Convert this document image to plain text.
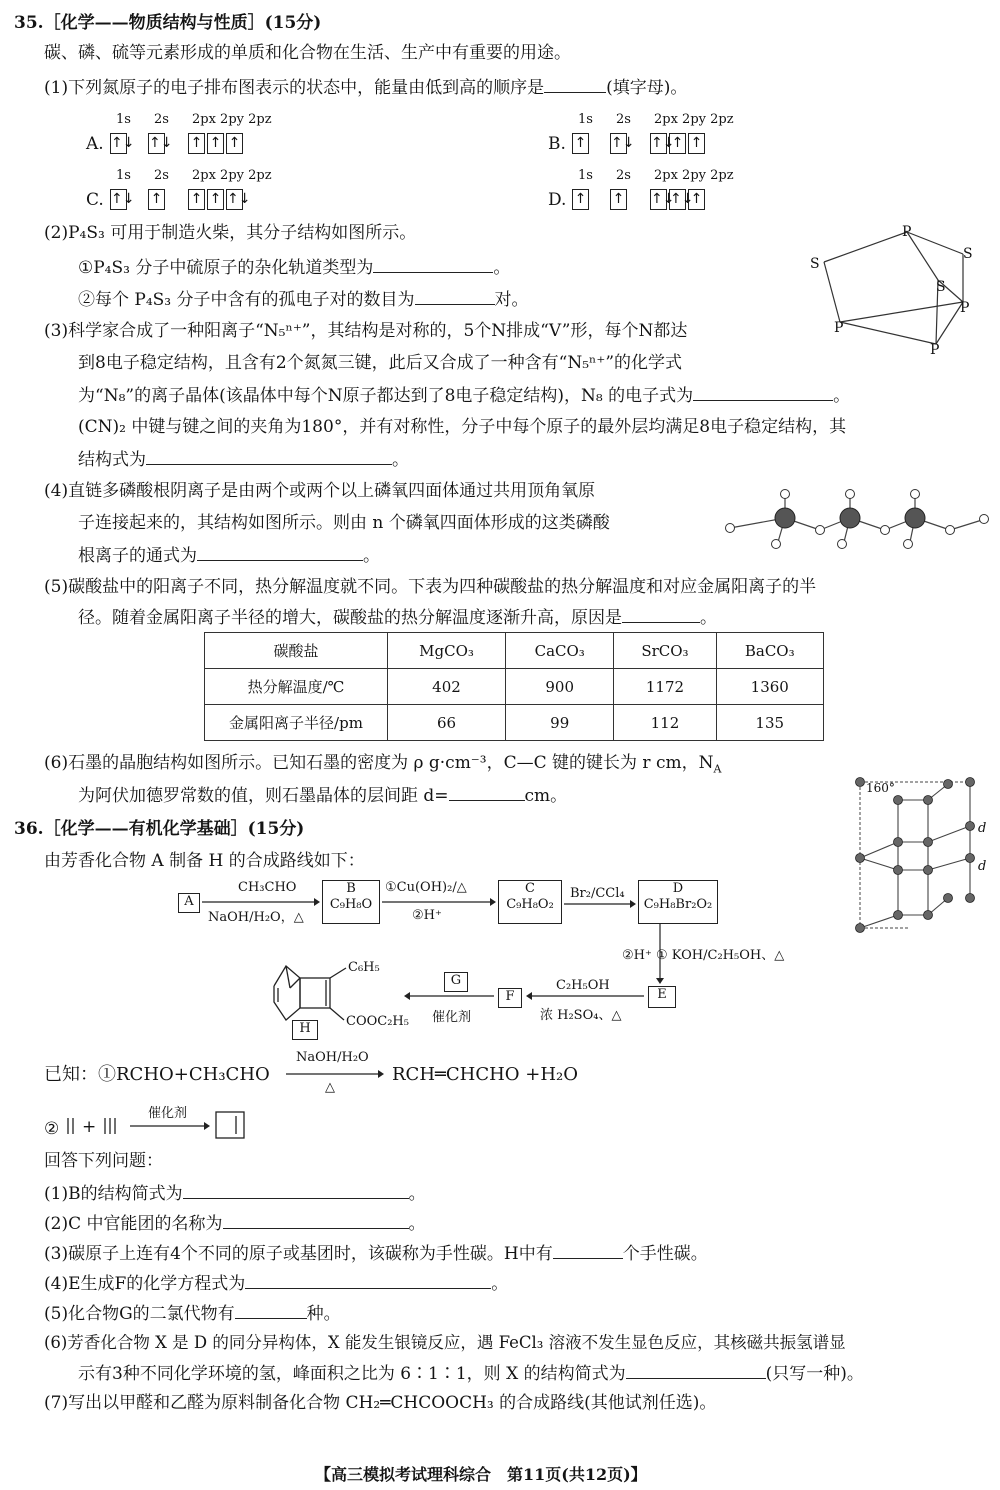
35.［化学——物质结构与性质］(15分)
碳、磷、硫等元素形成的单质和化合物在生活、生产中有重要的用途。
(1)下列氮原子的电子排布图表示的状态中，能量由低到高的顺序是	(填字母)。
1s 2s 2px 2py 2pz
A. ↑↓ ↑↓ ↑ ↑ ↑
1s 2s 2px 2py 2pz
B. ↑	↑↓ ↑↓↑ ↑
1s 2s 2px 2py 2pz
C. ↑↓ ↑	↑ ↑ ↑↓
1s 2s 2px 2py 2pz
D. ↑	↑	↑↓↑↓↑
(2)P₄S₃ 可用于制造火柴，其分子结构如图所示。
①P₄S₃ 分子中硫原子的杂化轨道类型为	。
②每个 P₄S₃ 分子中含有的孤电子对的数目为	对。
P
S
S
S
P
P
P
(3)科学家合成了一种阳离子“N₅ⁿ⁺”，其结构是对称的，5个N排成“V”形，每个N都达
到8电子稳定结构，且含有2个氮氮三键，此后又合成了一种含有“N₅ⁿ⁺”的化学式
为“N₈”的离子晶体(该晶体中每个N原子都达到了8电子稳定结构)，N₈ 的电子式为	。
(CN)₂ 中键与键之间的夹角为180°，并有对称性，分子中每个原子的最外层均满足8电子稳定结构，其
结构式为	。
(4)直链多磷酸根阴离子是由两个或两个以上磷氧四面体通过共用顶角氧原
子连接起来的，其结构如图所示。则由 n 个磷氧四面体形成的这类磷酸
根离子的通式为	。
(5)碳酸盐中的阳离子不同，热分解温度就不同。下表为四种碳酸盐的热分解温度和对应金属阳离子的半
径。随着金属阳离子半径的增大，碳酸盐的热分解温度逐渐升高，原因是	。
碳酸盐	MgCO₃	CaCO₃	SrCO₃	BaCO₃
热分解温度/℃	402	900	1172	1360
金属阳离子半径/pm	66	99	112	135
(6)石墨的晶胞结构如图所示。已知石墨的密度为 ρ g·cm⁻³，C—C 键的键长为 r cm，$N_A$
为阿伏加德罗常数的值，则石墨晶体的层间距 d=	cm。	160°
d
d
36.［化学——有机化学基础］(15分)
由芳香化合物 A 制备 H 的合成路线如下：
A
CH₃CHO
NaOH/H₂O，△
B
C₉H₈O
①Cu(OH)₂/△
②H⁺
C
C₉H₈O₂
Br₂/CCl₄	D
C₉H₈Br₂O₂
②H⁺ ① KOH/C₂H₅OH、△
E
C₂H₅OH
浓 H₂SO₄、△
F
G
催化剂
C₆H₅
COOC₂H₅
H
已知：①RCHO+CH₃CHO
NaOH/H₂O
△
RCH═CHCHO +H₂O
② +
催化剂
回答下列问题：
(1)B的结构简式为	。
(2)C 中官能团的名称为	。
(3)碳原子上连有4个不同的原子或基团时，该碳称为手性碳。H中有	个手性碳。
(4)E生成F的化学方程式为	。
(5)化合物G的二氯代物有	种。
(6)芳香化合物 X 是 D 的同分异构体，X 能发生银镜反应，遇 FeCl₃ 溶液不发生显色反应，其核磁共振氢谱显
示有3种不同化学环境的氢，峰面积之比为 6∶1∶1，则 X 的结构简式为	(只写一种)。
(7)写出以甲醛和乙醛为原料制备化合物 CH₂═CHCOOCH₃ 的合成路线(其他试剂任选)。
【高三模拟考试理科综合　第11页(共12页)】
